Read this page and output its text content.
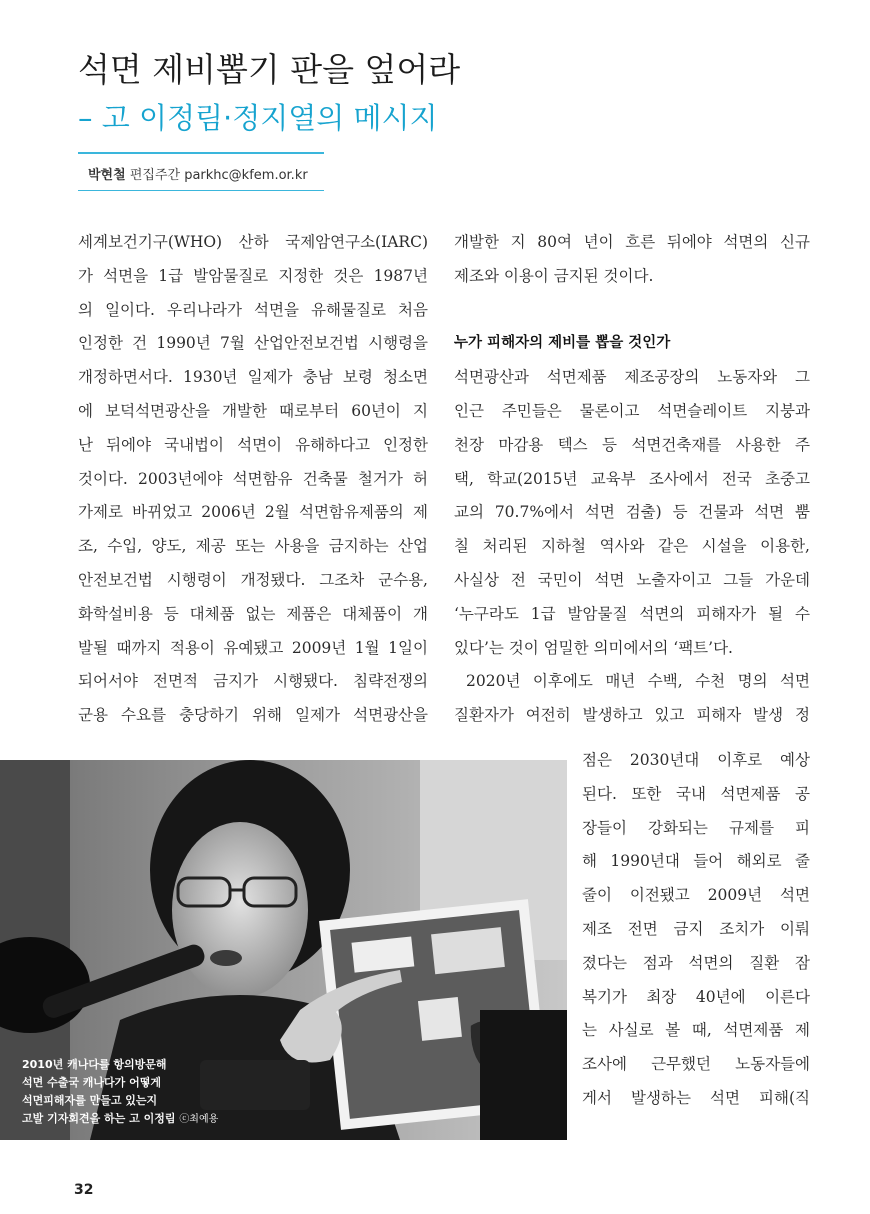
석면 제비뽑기 판을 엎어라
– 고 이정림·정지열의 메시지
박현철 편집주간 parkhc@kfem.or.kr

세계보건기구(WHO) 산하 국제암연구소(IARC)

가 석면을 1급 발암물질로 지정한 것은 1987년

의 일이다. 우리나라가 석면을 유해물질로 처음

인정한 건 1990년 7월 산업안전보건법 시행령을

개정하면서다. 1930년 일제가 충남 보령 청소면

에 보덕석면광산을 개발한 때로부터 60년이 지

난 뒤에야 국내법이 석면이 유해하다고 인정한

것이다. 2003년에야 석면함유 건축물 철거가 허

가제로 바뀌었고 2006년 2월 석면함유제품의 제

조, 수입, 양도, 제공 또는 사용을 금지하는 산업

안전보건법 시행령이 개정됐다. 그조차 군수용,

화학설비용 등 대체품 없는 제품은 대체품이 개

발될 때까지 적용이 유예됐고 2009년 1월 1일이

되어서야 전면적 금지가 시행됐다. 침략전쟁의

군용 수요를 충당하기 위해 일제가 석면광산을

개발한 지 80여 년이 흐른 뒤에야 석면의 신규

제조와 이용이 금지된 것이다.

누가 피해자의 제비를 뽑을 것인가

석면광산과 석면제품 제조공장의 노동자와 그

인근 주민들은 물론이고 석면슬레이트 지붕과

천장 마감용 텍스 등 석면건축재를 사용한 주

택, 학교(2015년 교육부 조사에서 전국 초중고

교의 70.7%에서 석면 검출) 등 건물과 석면 뿜

칠 처리된 지하철 역사와 같은 시설을 이용한,

사실상 전 국민이 석면 노출자이고 그들 가운데

‘누구라도 1급 발암물질 석면의 피해자가 될 수

있다’는 것이 엄밀한 의미에서의 ‘팩트’다.

2020년 이후에도 매년 수백, 수천 명의 석면

질환자가 여전히 발생하고 있고 피해자 발생 정

점은 2030년대 이후로 예상

된다. 또한 국내 석면제품 공

장들이 강화되는 규제를 피

해 1990년대 들어 해외로 줄

줄이 이전됐고 2009년 석면

제조 전면 금지 조치가 이뤄

졌다는 점과 석면의 질환 잠

복기가 최장 40년에 이른다

는 사실로 볼 때, 석면제품 제

조사에 근무했던 노동자들에

게서 발생하는 석면 피해(직

2010년 캐나다를 항의방문해
석면 수출국 캐나다가 어떻게
석면피해자를 만들고 있는지
고발 기자회견을 하는 고 이정림 ⓒ최예용
32
